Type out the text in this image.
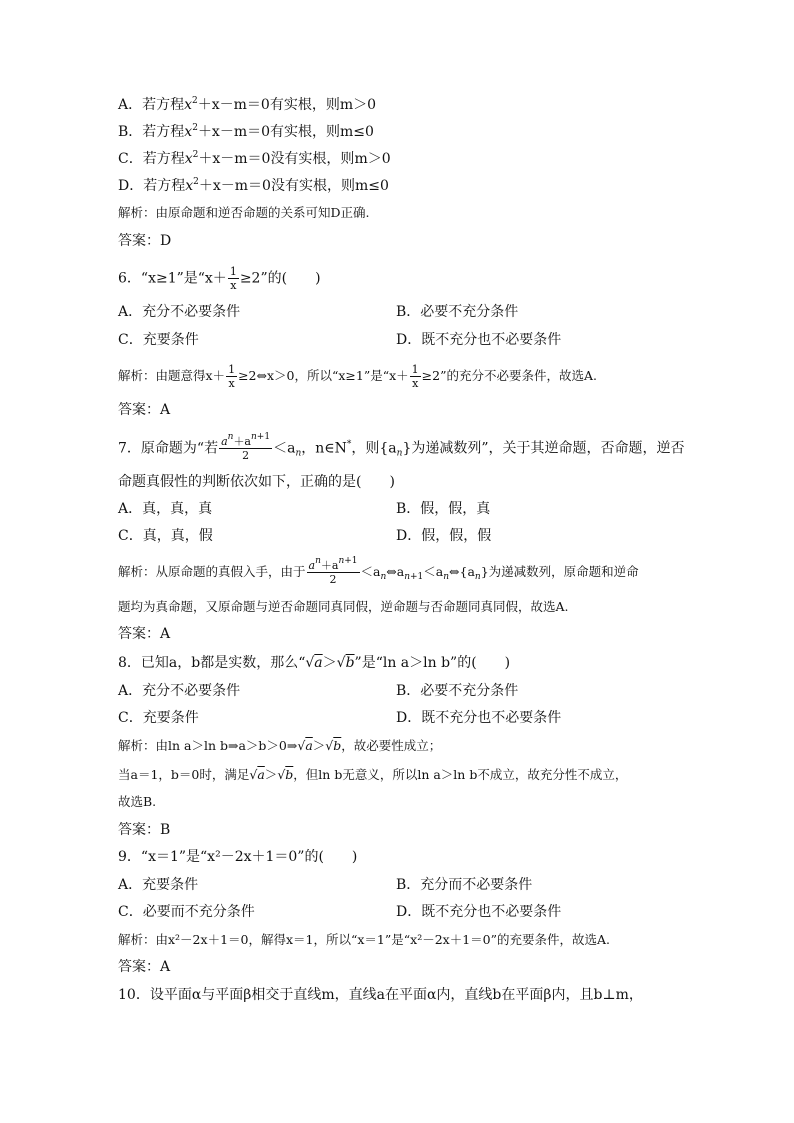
A．若方程$x^2+x-m=0$有实根，则m＞0
B．若方程$x^2+x-m=0$有实根，则m≤0
C．若方程$x^2+x-m=0$没有实根，则m＞0
D．若方程$x^2+x-m=0$没有实根，则m≤0
解析：由原命题和逆否命题的关系可知D正确.
答案：D
6．“x≥1”是“$x+ \frac{1}{x} \ge 2$”的(　　)
A．充分不必要条件	B．必要不充分条件
C．充要条件	D．既不充分也不必要条件
解析：由题意得$x+ \frac{1}{x}$ ≥2⇔x＞0，所以“x≥1”是“$x+ \frac{1}{x} \ge 2$”的充分不必要条件，故选A.
答案：A
7．原命题为“若 $\frac{a^n+a^{n+1}}{2} <a_n$，n∈N*，则$\{a_n\}$为递减数列”，关于其逆命题，否命题，逆否
命题真假性的判断依次如下，正确的是(　　)
A．真，真，真	B．假，假，真
C．真，真，假	D．假，假，假
解析：从原命题的真假入手，由于 $\frac{a^n+a^{n+1}}{2}$ $<a_n\Leftrightarrow a_{n+1}<a_n\Leftrightarrow\{a_n\}$为递减数列，原命题和逆命
题均为真命题，又原命题与逆否命题同真同假，逆命题与否命题同真同假，故选A.
答案：A
8．已知a，b都是实数，那么“√a＞√b”是“ln a＞ln b”的(　　)
A．充分不必要条件	B．必要不充分条件
C．充要条件	D．既不充分也不必要条件
解析：由ln a＞ln b⇒a＞b＞0⇒√a＞√b，故必要性成立；
当a＝1，b＝0时，满足√a＞√b，但ln b无意义，所以ln a＞ln b不成立，故充分性不成立，
故选B.
答案：B
9．“x＝1”是“x²－2x＋1＝0”的(　　)
A．充要条件	B．充分而不必要条件
C．必要而不充分条件	D．既不充分也不必要条件
解析：由x²－2x＋1＝0，解得x＝1，所以“x＝1”是“x²－2x＋1＝0”的充要条件，故选A.
答案：A
10．设平面α与平面β相交于直线m，直线a在平面α内，直线b在平面β内，且b⊥m，
